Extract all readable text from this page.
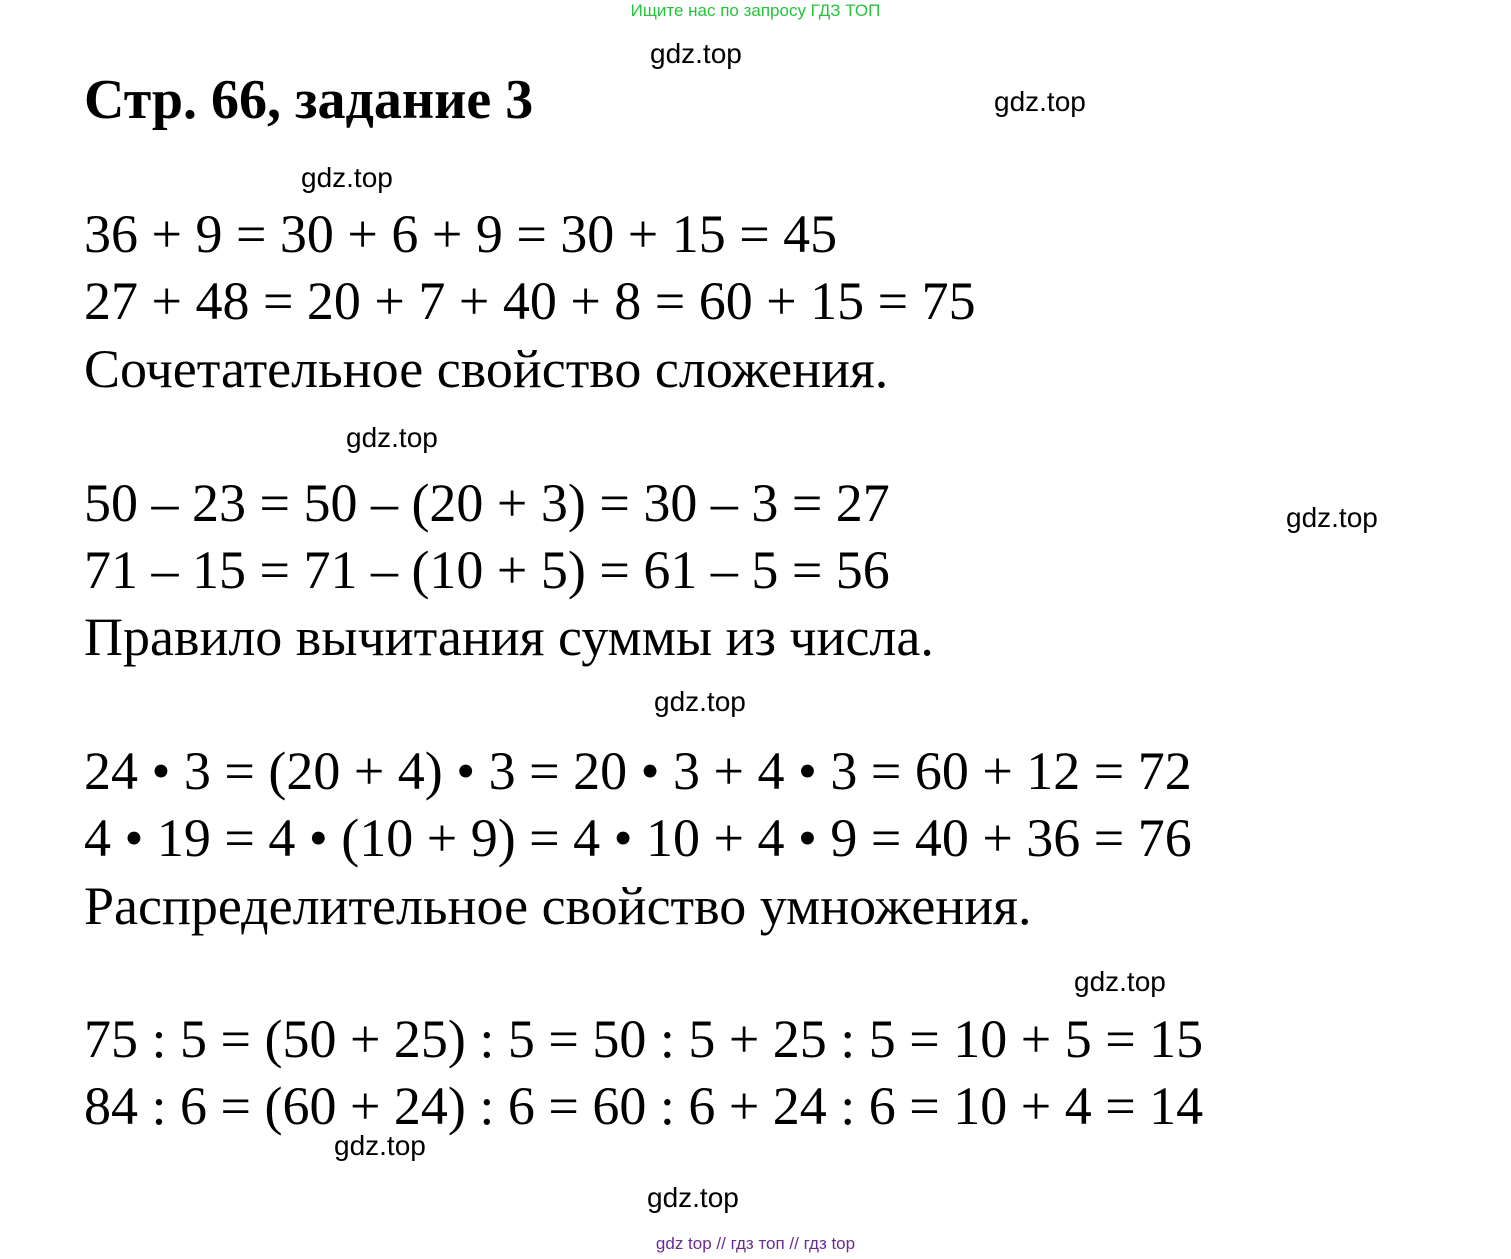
Ищите нас по запросу ГДЗ ТОП
Стр. 66, задание 3
gdz.top
gdz.top
gdz.top
36 + 9 = 30 + 6 + 9 = 30 + 15 = 45
27 + 48 = 20 + 7 + 40 + 8 = 60 + 15 = 75
Сочетательное свойство сложения.
gdz.top
50 – 23 = 50 – (20 + 3) = 30 – 3 = 27	gdz.top
71 – 15 = 71 – (10 + 5) = 61 – 5 = 56
Правило вычитания суммы из числа.
gdz.top
24 • 3 = (20 + 4) • 3 = 20 • 3 + 4 • 3 = 60 + 12 = 72
4 • 19 = 4 • (10 + 9) = 4 • 10 + 4 • 9 = 40 + 36 = 76
Распределительное свойство умножения.
gdz.top
75 : 5 = (50 + 25) : 5 = 50 : 5 + 25 : 5 = 10 + 5 = 15
84 : 6 = (60 + 24) : 6 = 60 : 6 + 24 : 6 = 10 + 4 = 14
gdz.top
gdz.top
gdz top // гдз топ // гдз top
